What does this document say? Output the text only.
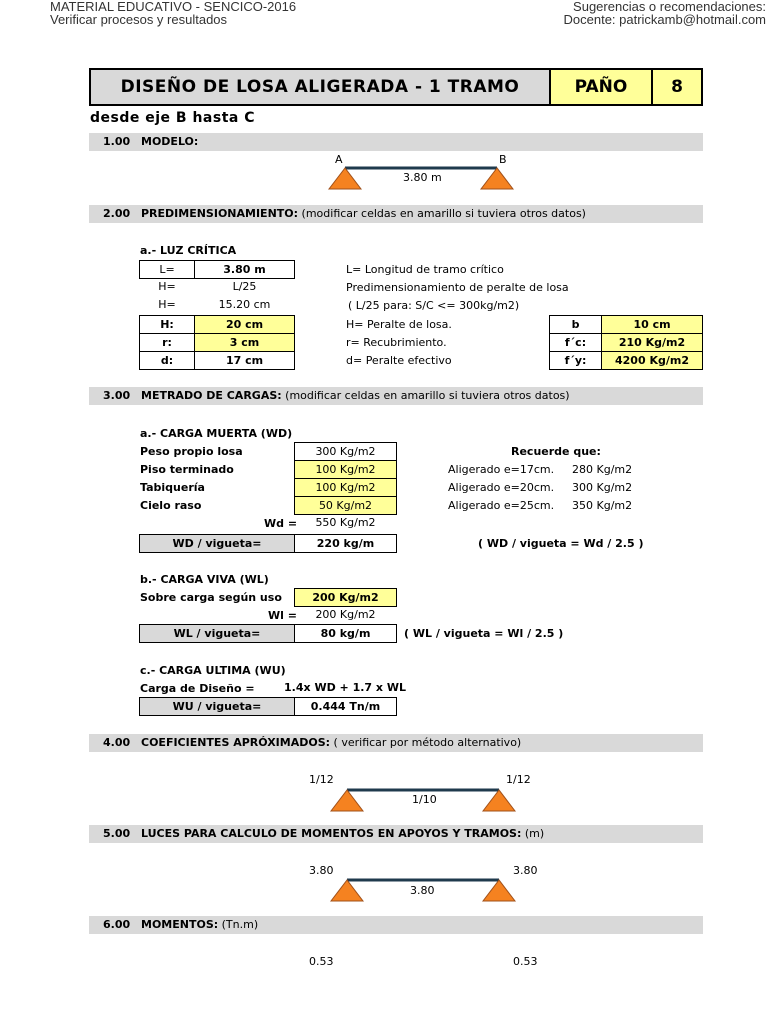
MATERIAL EDUCATIVO - SENCICO-2016
Verificar procesos y resultados
Sugerencias o recomendaciones:
Docente: patrickamb@hotmail.com
DISEÑO DE LOSA ALIGERADA - 1 TRAMO	PAÑO	8
desde eje B hasta C
1.00 MODELO:
A	B
3.80 m
2.00 PREDIMENSIONAMIENTO: (modificar celdas en amarillo si tuviera otros datos)
a.- LUZ CRÍTICA
L=	3.80 m	L= Longitud de tramo crítico
H=	L/25	Predimensionamiento de peralte de losa
H=	15.20 cm	( L/25 para: S/C <= 300kg/m2)
H:	20 cm	H= Peralte de losa.
r:	3 cm	r= Recubrimiento.
d:	17 cm	d= Peralte efectivo
b	10 cm
f´c:	210 Kg/m2
f´y:	4200 Kg/m2
3.00 METRADO DE CARGAS: (modificar celdas en amarillo si tuviera otros datos)
a.- CARGA MUERTA (WD)
Peso propio losa	300 Kg/m2
Piso terminado	100 Kg/m2
Tabiquería	100 Kg/m2
Cielo raso	50 Kg/m2
Recuerde que:
Aligerado e=17cm. 280 Kg/m2
Aligerado e=20cm. 300 Kg/m2
Aligerado e=25cm. 350 Kg/m2
Wd =	550 Kg/m2
WD / vigueta=	220 kg/m	( WD / vigueta = Wd / 2.5 )
b.- CARGA VIVA (WL)
Sobre carga según uso	200 Kg/m2
Wl =	200 Kg/m2
WL / vigueta=	80 kg/m	( WL / vigueta = Wl / 2.5 )
c.- CARGA ULTIMA (WU)
Carga de Diseño =	1.4x WD + 1.7 x WL
WU / vigueta=	0.444 Tn/m
4.00 COEFICIENTES APRÓXIMADOS: ( verificar por método alternativo)
1/12	1/12
1/10
5.00 LUCES PARA CALCULO DE MOMENTOS EN APOYOS Y TRAMOS: (m)
3.80	3.80
3.80
6.00 MOMENTOS: (Tn.m)
0.53	0.53
